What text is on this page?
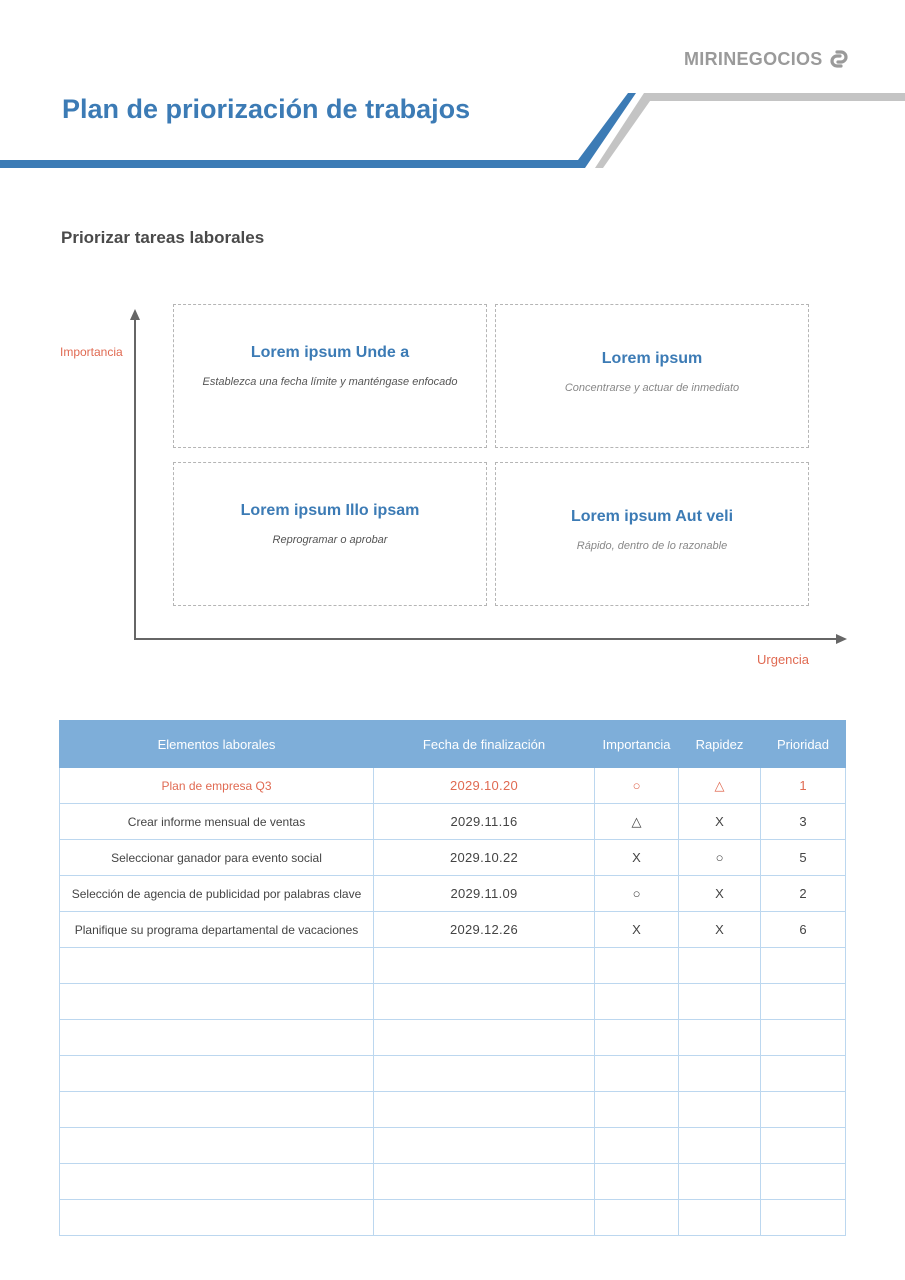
MIRINEGOCIOS
Plan de priorización de trabajos
Priorizar tareas laborales
Importancia
Urgencia
Lorem ipsum Unde a
Establezca una fecha límite y manténgase enfocado
Lorem ipsum
Concentrarse y actuar de inmediato
Lorem ipsum Illo ipsam
Reprogramar o aprobar
Lorem ipsum Aut veli
Rápido, dentro de lo razonable
Elementos laborales	Fecha de finalización	Importancia	Rapidez	Prioridad
Plan de empresa Q3	2029.10.20	○	△	1
Crear informe mensual de ventas	2029.11.16	△	X	3
Seleccionar ganador para evento social	2029.10.22	X	○	5
Selección de agencia de publicidad por palabras clave	2029.11.09	○	X	2
Planifique su programa departamental de vacaciones	2029.12.26	X	X	6
